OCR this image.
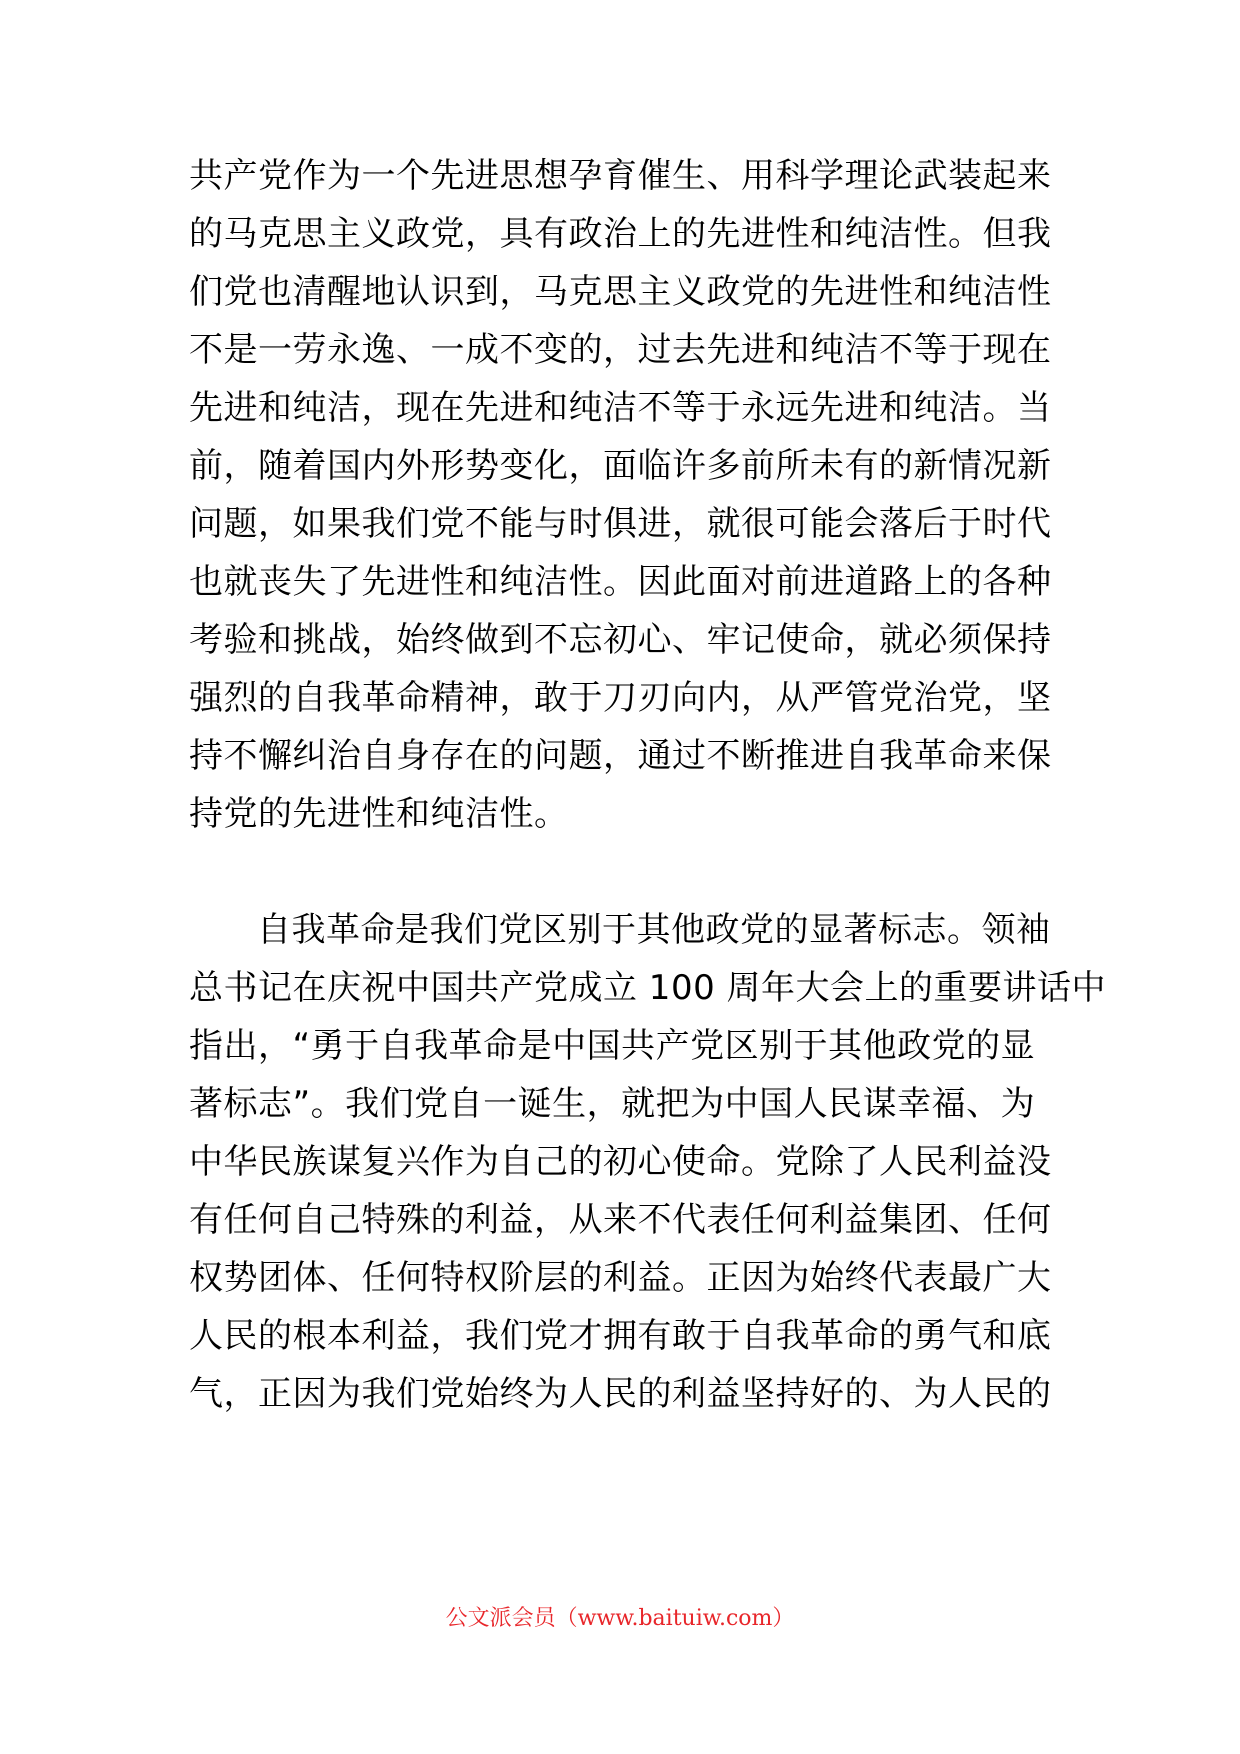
共产党作为一个先进思想孕育催生、用科学理论武装起来
的马克思主义政党，具有政治上的先进性和纯洁性。但我
们党也清醒地认识到，马克思主义政党的先进性和纯洁性
不是一劳永逸、一成不变的，过去先进和纯洁不等于现在
先进和纯洁，现在先进和纯洁不等于永远先进和纯洁。当
前，随着国内外形势变化，面临许多前所未有的新情况新
问题，如果我们党不能与时俱进，就很可能会落后于时代
也就丧失了先进性和纯洁性。因此面对前进道路上的各种
考验和挑战，始终做到不忘初心、牢记使命，就必须保持
强烈的自我革命精神，敢于刀刃向内，从严管党治党，坚
持不懈纠治自身存在的问题，通过不断推进自我革命来保
持党的先进性和纯洁性。
自我革命是我们党区别于其他政党的显著标志。领袖
总书记在庆祝中国共产党成立 100 周年大会上的重要讲话中
指出，“勇于自我革命是中国共产党区别于其他政党的显
著标志”。我们党自一诞生，就把为中国人民谋幸福、为
中华民族谋复兴作为自己的初心使命。党除了人民利益没
有任何自己特殊的利益，从来不代表任何利益集团、任何
权势团体、任何特权阶层的利益。正因为始终代表最广大
人民的根本利益，我们党才拥有敢于自我革命的勇气和底
气，正因为我们党始终为人民的利益坚持好的、为人民的
公文派会员（www.baituiw.com）
